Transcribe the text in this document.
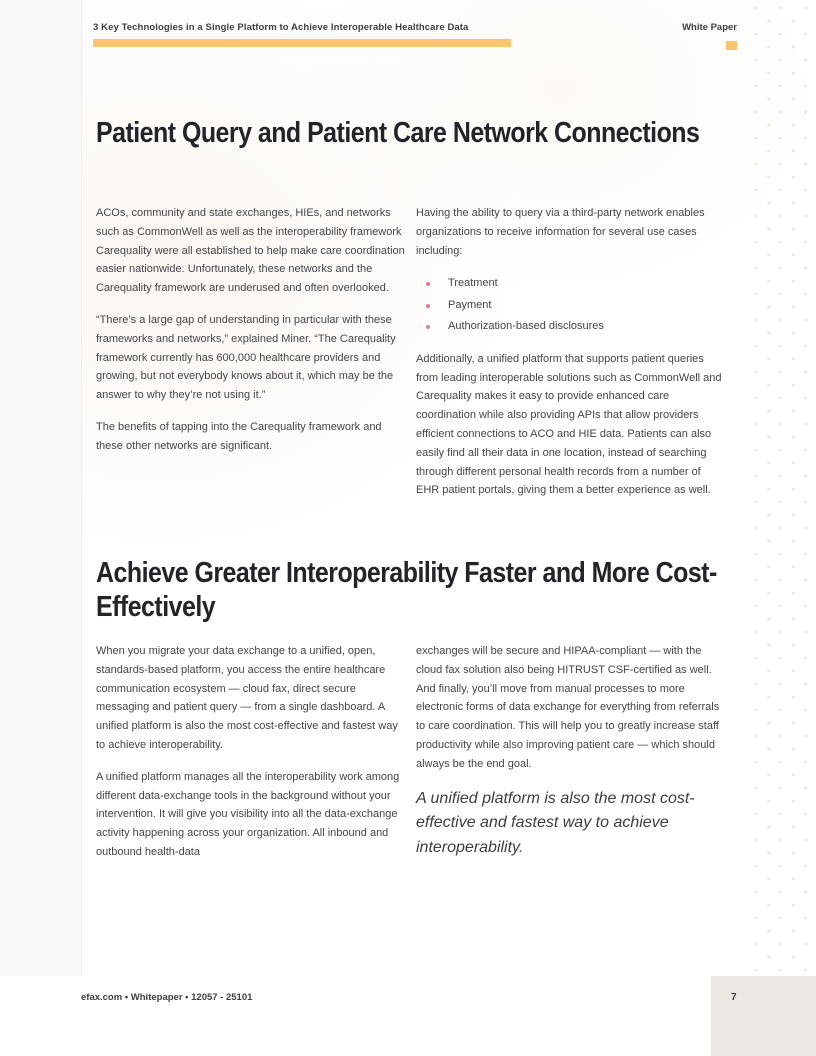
3 Key Technologies in a Single Platform to Achieve Interoperable Healthcare Data	White Paper
Patient Query and Patient Care Network Connections

ACOs, community and state exchanges, HIEs, and networks such as CommonWell as well as the interoperability framework Carequality were all established to help make care coordination easier nationwide. Unfortunately, these networks and the Carequality framework are underused and often overlooked.

“There’s a large gap of understanding in particular with these frameworks and networks,” explained Miner. “The Carequality framework currently has 600,000 healthcare providers and growing, but not everybody knows about it, which may be the answer to why they’re not using it.”

The benefits of tapping into the Carequality framework and these other networks are significant.

Having the ability to query via a third-party network enables organizations to receive information for several use cases including:

Treatment
Payment
Authorization-based disclosures

Additionally, a unified platform that supports patient queries from leading interoperable solutions such as CommonWell and Carequality makes it easy to provide enhanced care coordination while also providing APIs that allow providers efficient connections to ACO and HIE data. Patients can also easily find all their data in one location, instead of searching through different personal health records from a number of EHR patient portals, giving them a better experience as well.

Achieve Greater Interoperability Faster and More Cost-Effectively

When you migrate your data exchange to a unified, open, standards-based platform, you access the entire healthcare communication ecosystem — cloud fax, direct secure messaging and patient query — from a single dashboard. A unified platform is also the most cost-effective and fastest way to achieve interoperability.

A unified platform manages all the interoperability work among different data-exchange tools in the background without your intervention. It will give you visibility into all the data-exchange activity happening across your organization. All inbound and outbound health-data

exchanges will be secure and HIPAA-compliant — with the cloud fax solution also being HITRUST CSF-certified as well. And finally, you’ll move from manual processes to more electronic forms of data exchange for everything from referrals to care coordination. This will help you to greatly increase staff productivity while also improving patient care — which should always be the end goal.

A unified platform is also the most cost-effective and fastest way to achieve interoperability.
efax.com • Whitepaper • 12057 - 25101	7
